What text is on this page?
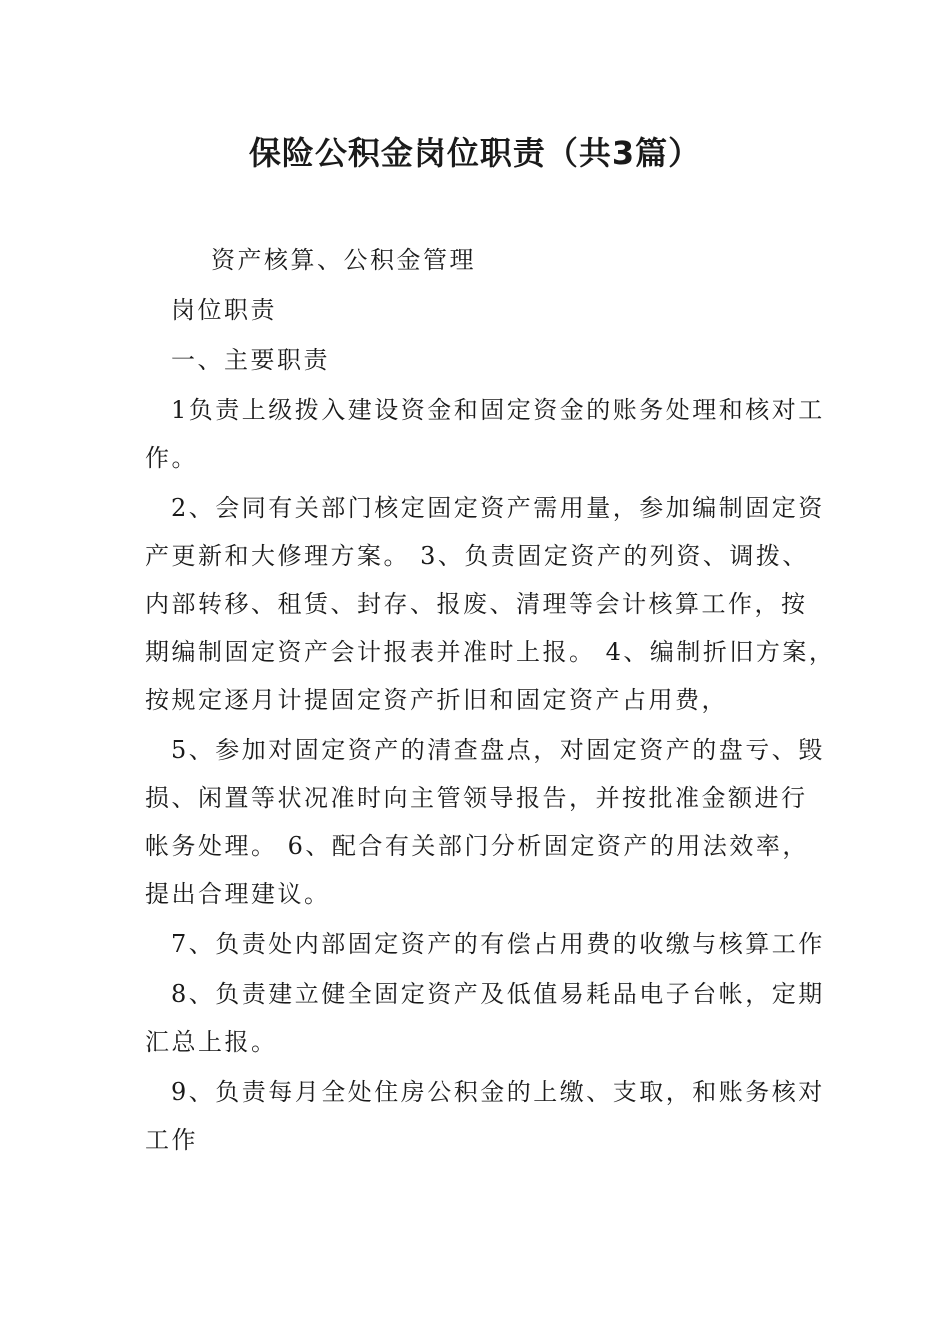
保险公积金岗位职责（共3篇）

资产核算、公积金管理

岗位职责

一、主要职责

1负责上级拨入建设资金和固定资金的账务处理和核对工

作。

2、会同有关部门核定固定资产需用量，参加编制固定资

产更新和大修理方案。 3、负责固定资产的列资、调拨、

内部转移、租赁、封存、报废、清理等会计核算工作，按

期编制固定资产会计报表并准时上报。 4、编制折旧方案，

按规定逐月计提固定资产折旧和固定资产占用费，

5、参加对固定资产的清查盘点，对固定资产的盘亏、毁

损、闲置等状况准时向主管领导报告，并按批准金额进行

帐务处理。 6、配合有关部门分析固定资产的用法效率，

提出合理建议。

7、负责处内部固定资产的有偿占用费的收缴与核算工作

8、负责建立健全固定资产及低值易耗品电子台帐，定期

汇总上报。

9、负责每月全处住房公积金的上缴、支取，和账务核对

工作
